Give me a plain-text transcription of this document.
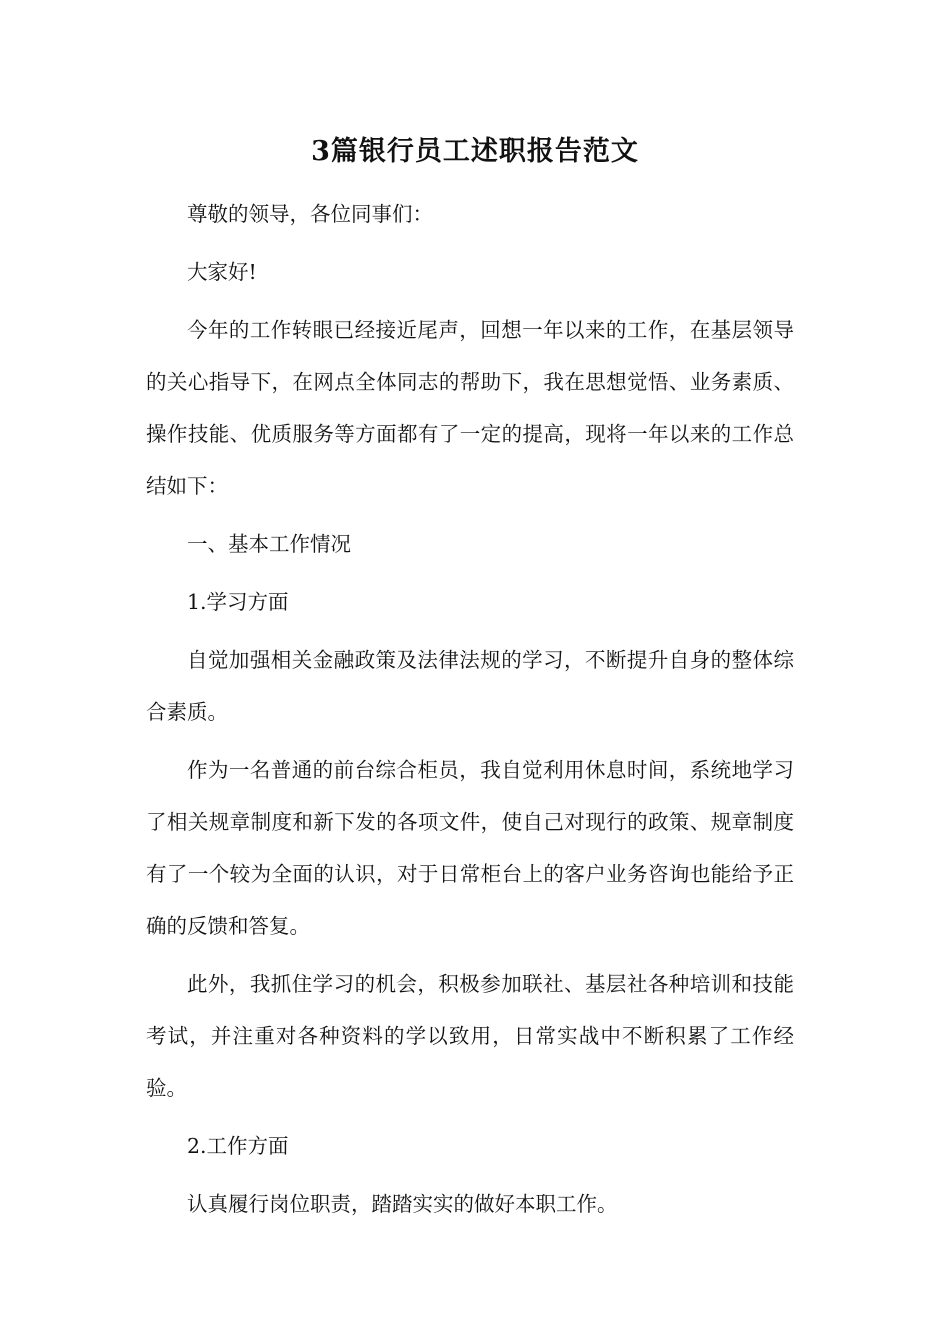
3篇银行员工述职报告范文

尊敬的领导，各位同事们：

大家好!

今年的工作转眼已经接近尾声，回想一年以来的工作，在基层领导的关心指导下，在网点全体同志的帮助下，我在思想觉悟、业务素质、操作技能、优质服务等方面都有了一定的提高，现将一年以来的工作总结如下：

一、基本工作情况

1.学习方面

自觉加强相关金融政策及法律法规的学习，不断提升自身的整体综合素质。

作为一名普通的前台综合柜员，我自觉利用休息时间，系统地学习了相关规章制度和新下发的各项文件，使自己对现行的政策、规章制度有了一个较为全面的认识，对于日常柜台上的客户业务咨询也能给予正确的反馈和答复。

此外，我抓住学习的机会，积极参加联社、基层社各种培训和技能考试，并注重对各种资料的学以致用，日常实战中不断积累了工作经验。

2.工作方面

认真履行岗位职责，踏踏实实的做好本职工作。
